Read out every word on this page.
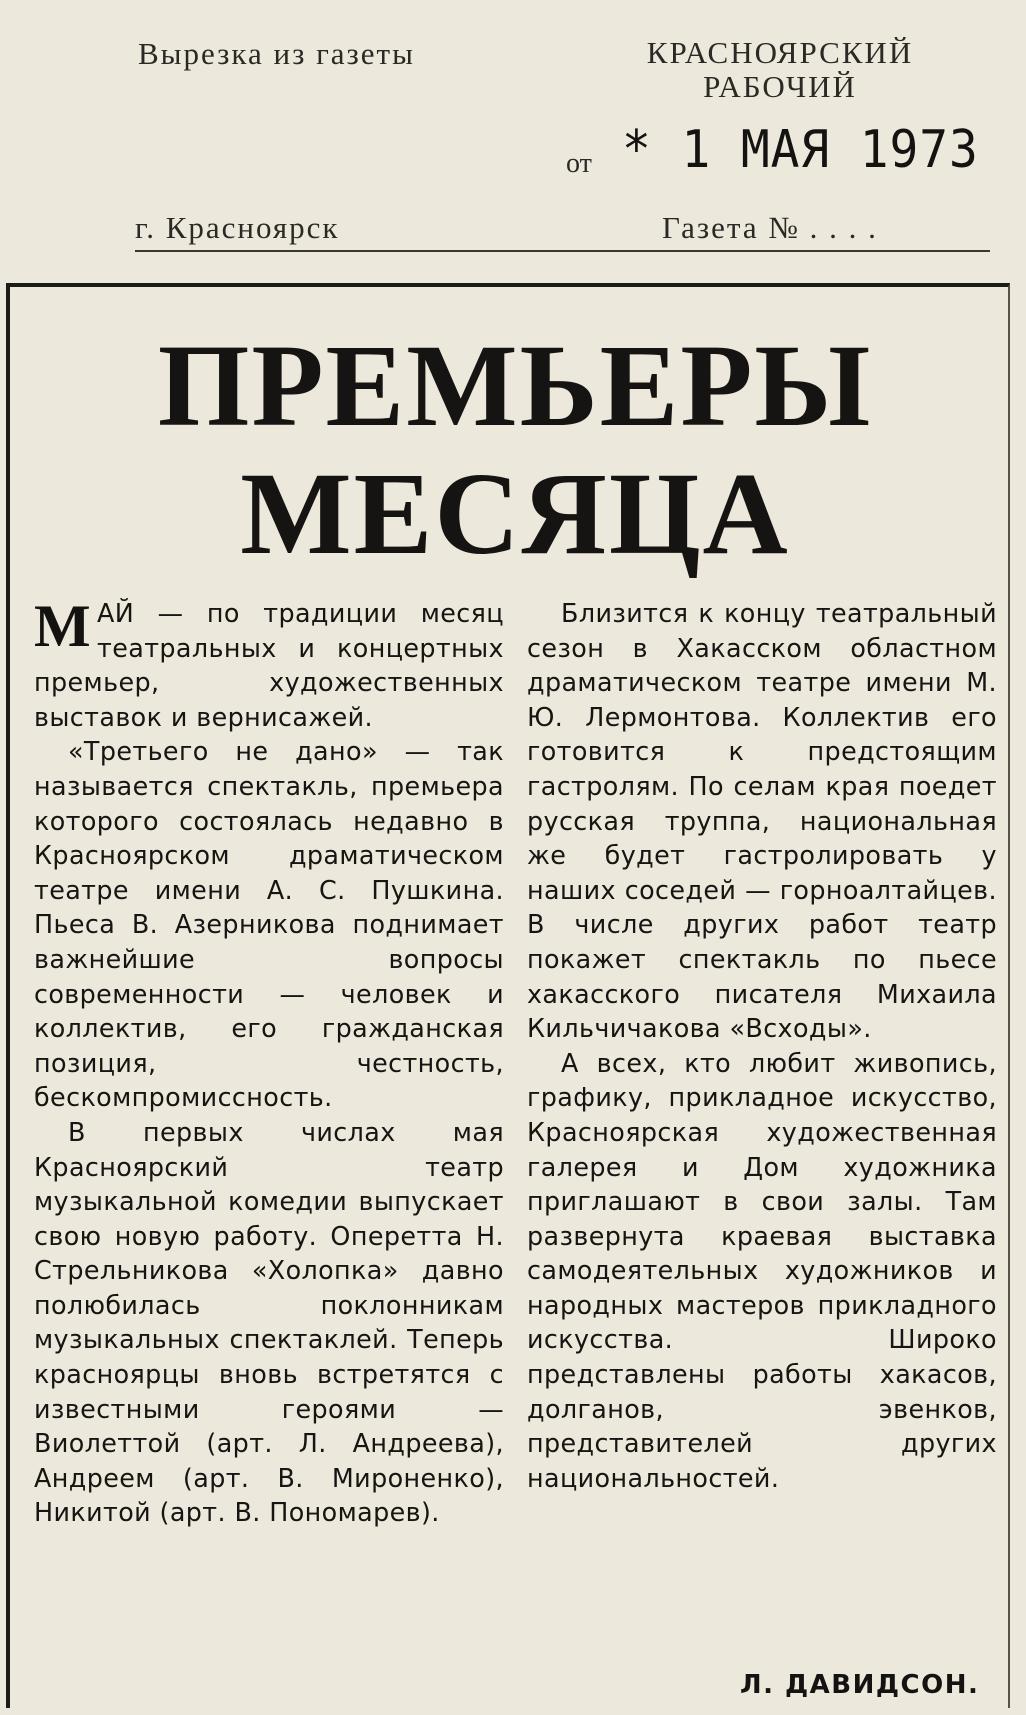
Вырезка из газеты	КРАСНОЯРСКИЙ
РАБОЧИЙ
от * 1 МАЯ 1973
г. Красноярск	Газета № . . . .
ПРЕМЬЕРЫ
МЕСЯЦА

МАЙ — по традиции месяц театральных и концертных премьер, художественных выставок и вернисажей.

«Третьего не дано» — так называется спектакль, премьера которого состоялась недавно в Красноярском драматическом театре имени А. С. Пушкина. Пьеса В. Азерникова поднимает важнейшие вопросы современности — человек и коллектив, его гражданская позиция, честность, бескомпромиссность.

В первых числах мая Красноярский театр музыкальной комедии выпускает свою новую работу. Оперетта Н. Стрельникова «Холопка» давно полюбилась поклонникам музыкальных спектаклей. Теперь красноярцы вновь встретятся с известными героями — Виолеттой (арт. Л. Андреева), Андреем (арт. В. Мироненко), Никитой (арт. В. Пономарев).

Близится к концу театральный сезон в Хакасском областном драматическом театре имени М. Ю. Лермонтова. Коллектив его готовится к предстоящим гастролям. По селам края поедет русская труппа, национальная же будет гастролировать у наших соседей — горноалтайцев. В числе других работ театр покажет спектакль по пьесе хакасского писателя Михаила Кильчичакова «Всходы».

А всех, кто любит живопись, графику, прикладное искусство, Красноярская художественная галерея и Дом художника приглашают в свои залы. Там развернута краевая выставка самодеятельных художников и народных мастеров прикладного искусства. Широко представлены работы хакасов, долганов, эвенков, представителей других национальностей.

Л. ДАВИДСОН.
